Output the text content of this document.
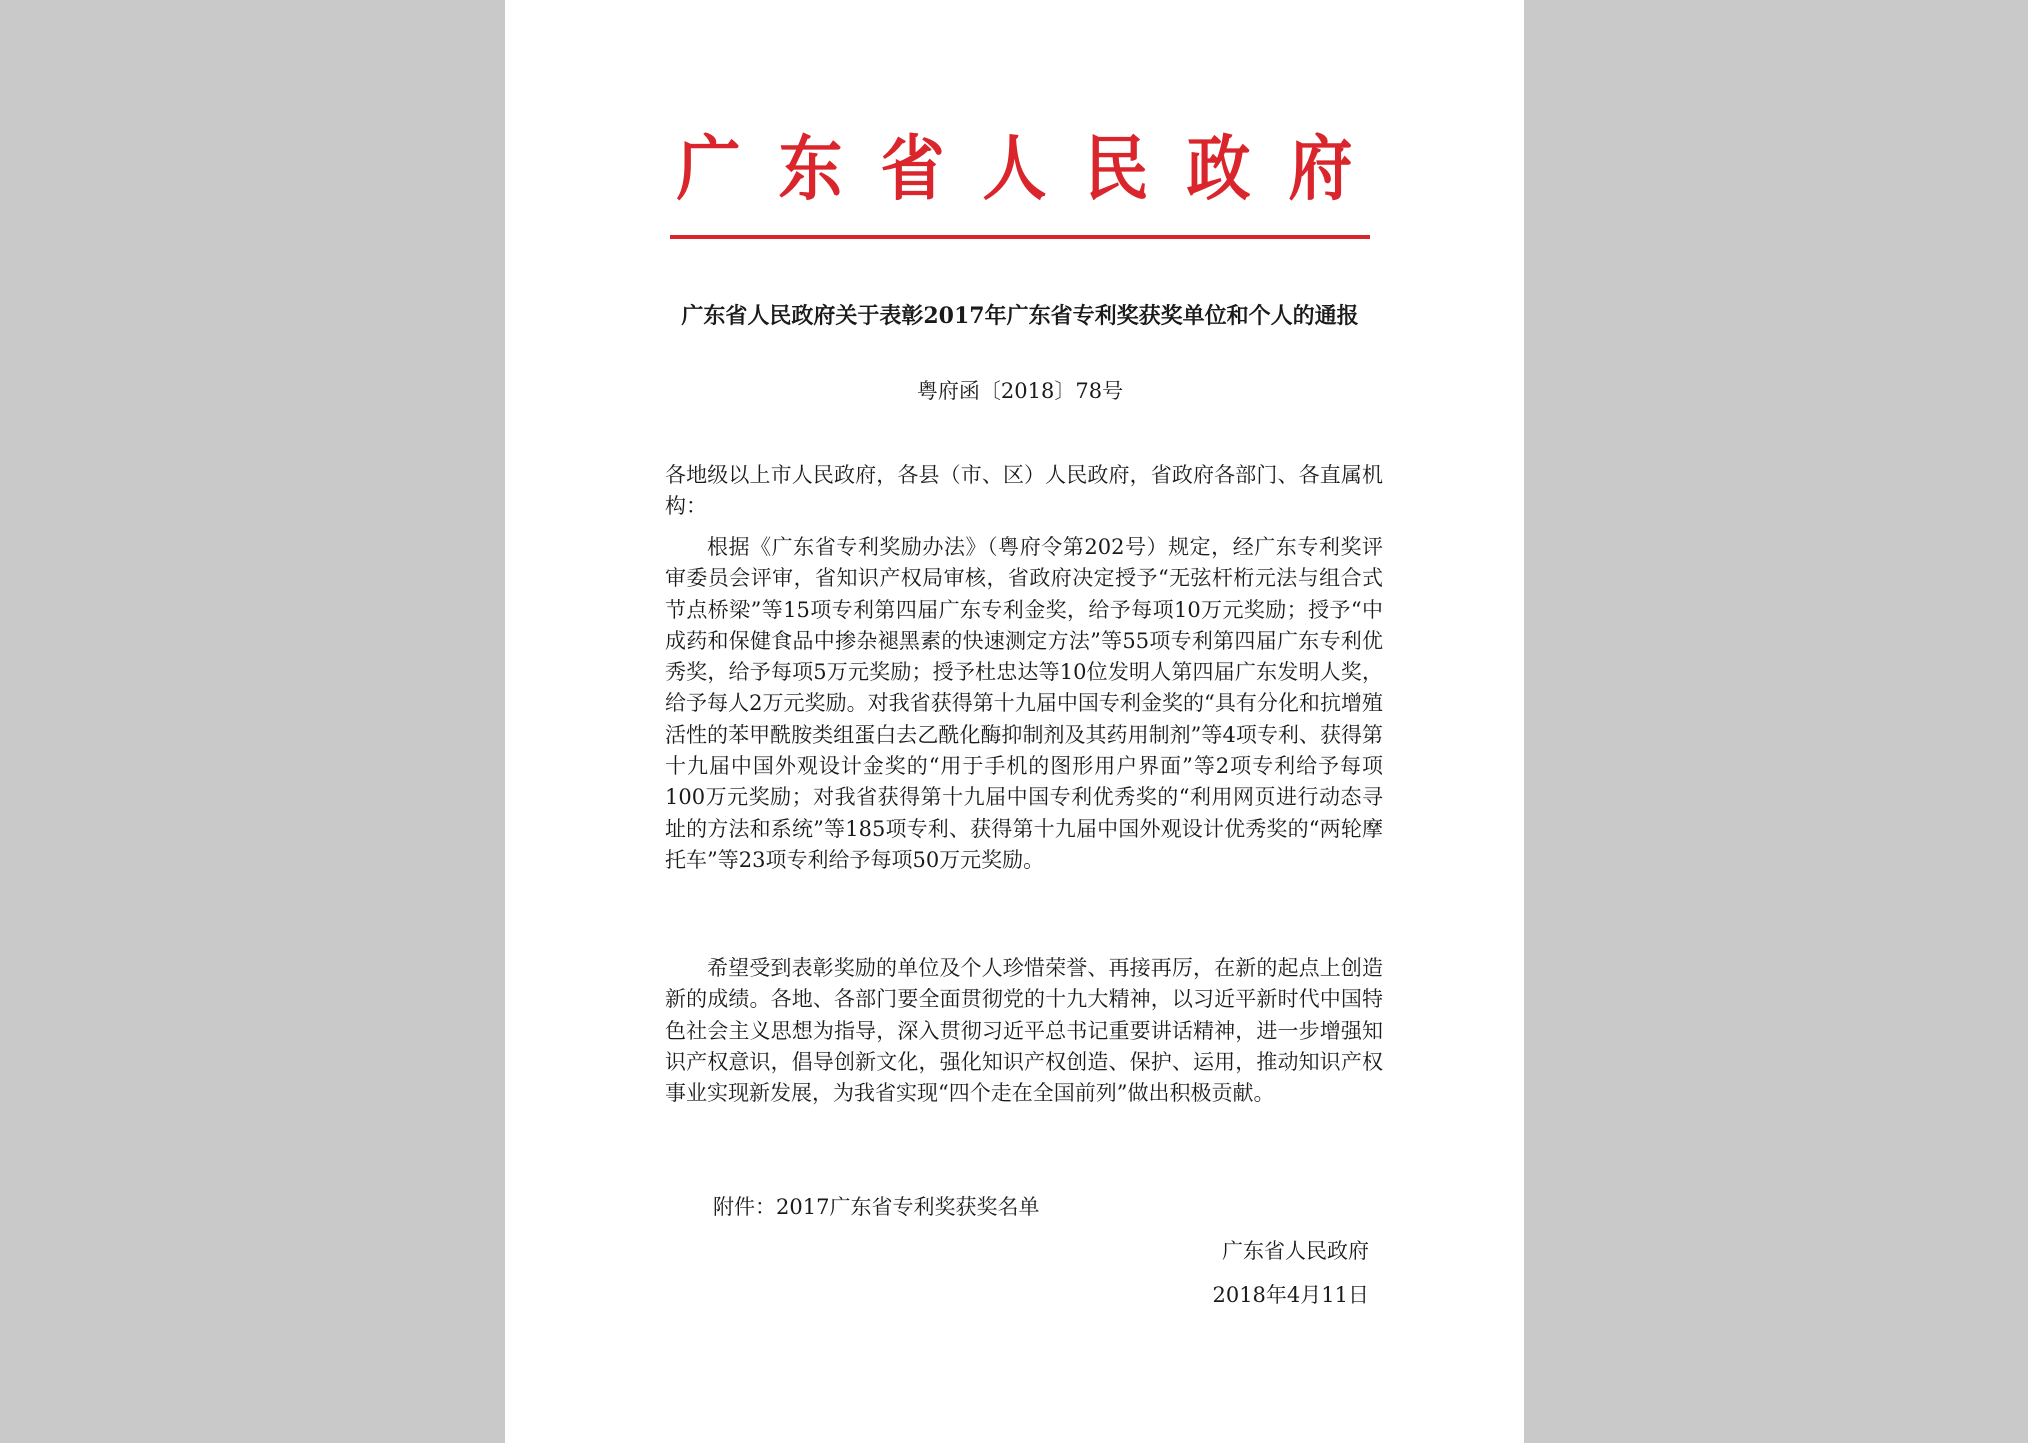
广东省人民政府

广东省人民政府关于表彰2017年广东省专利奖获奖单位和个人的通报

粤府函〔2018〕78号

各地级以上市人民政府，各县（市、区）人民政府，省政府各部门、各直属机构：

根据《广东省专利奖励办法》（粤府令第202号）规定，经广东专利奖评审委员会评审，省知识产权局审核，省政府决定授予“无弦杆桁元法与组合式节点桥梁”等15项专利第四届广东专利金奖，给予每项10万元奖励；授予“中成药和保健食品中掺杂褪黑素的快速测定方法”等55项专利第四届广东专利优秀奖，给予每项5万元奖励；授予杜忠达等10位发明人第四届广东发明人奖，给予每人2万元奖励。对我省获得第十九届中国专利金奖的“具有分化和抗增殖活性的苯甲酰胺类组蛋白去乙酰化酶抑制剂及其药用制剂”等4项专利、获得第十九届中国外观设计金奖的“用于手机的图形用户界面”等2项专利给予每项100万元奖励；对我省获得第十九届中国专利优秀奖的“利用网页进行动态寻址的方法和系统”等185项专利、获得第十九届中国外观设计优秀奖的“两轮摩托车”等23项专利给予每项50万元奖励。

希望受到表彰奖励的单位及个人珍惜荣誉、再接再厉，在新的起点上创造新的成绩。各地、各部门要全面贯彻党的十九大精神，以习近平新时代中国特色社会主义思想为指导，深入贯彻习近平总书记重要讲话精神，进一步增强知识产权意识，倡导创新文化，强化知识产权创造、保护、运用，推动知识产权事业实现新发展，为我省实现“四个走在全国前列”做出积极贡献。

附件：2017广东省专利奖获奖名单

广东省人民政府

2018年4月11日
